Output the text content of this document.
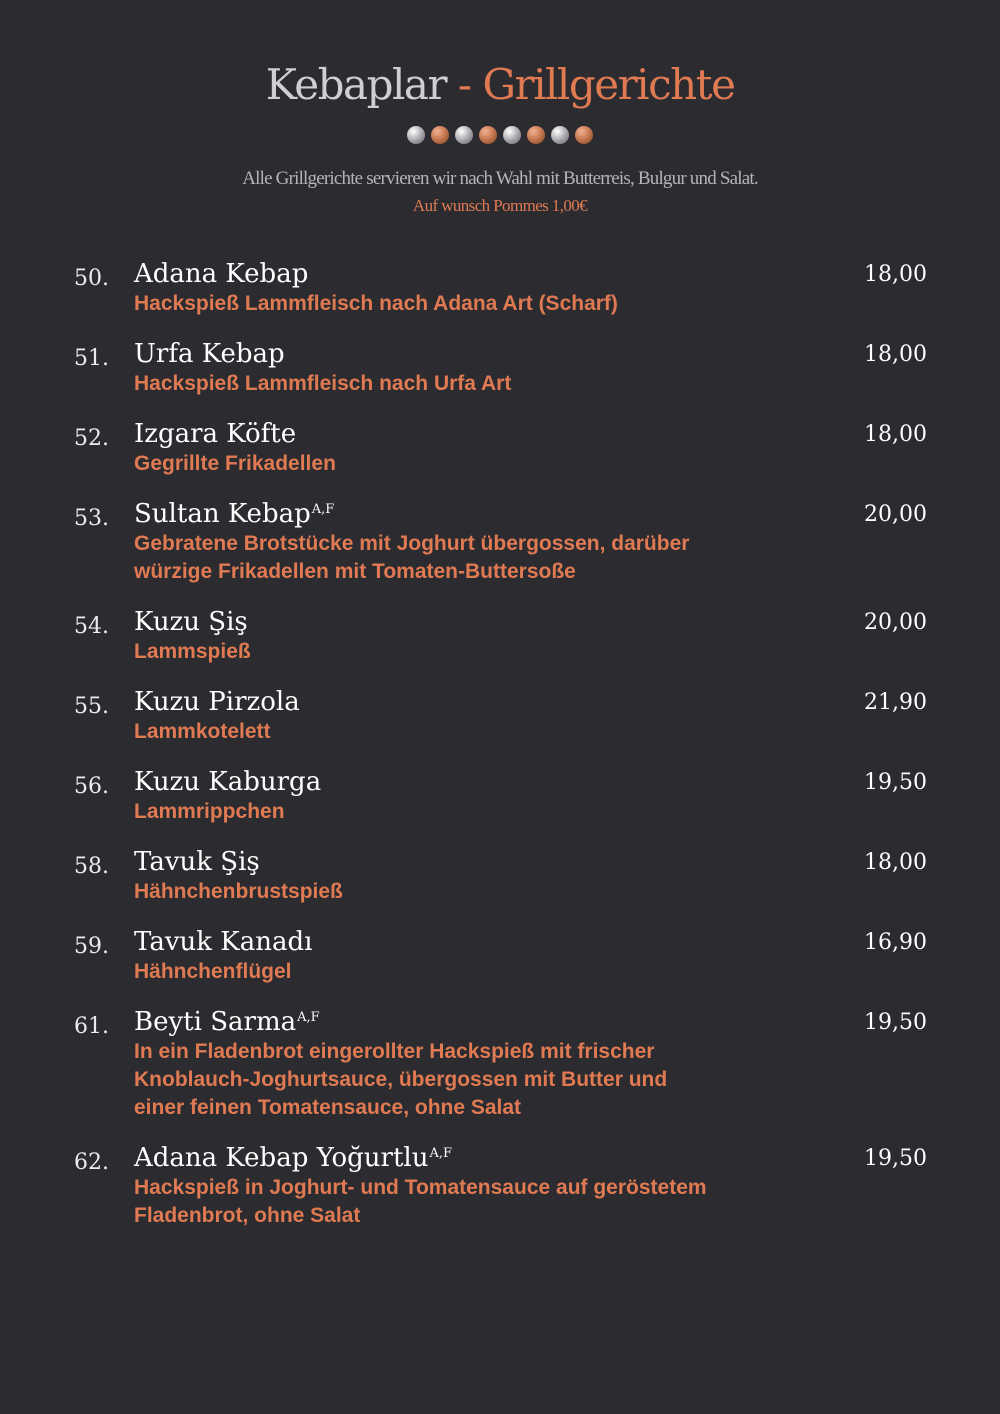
Kebaplar - Grillgerichte
Alle Grillgerichte servieren wir nach Wahl mit Butterreis, Bulgur und Salat.
Auf wunsch Pommes 1,00€
50. Adana Kebap	18,00
Hackspieß Lammfleisch nach Adana Art (Scharf)
51. Urfa Kebap	18,00
Hackspieß Lammfleisch nach Urfa Art
52. Izgara Köfte	18,00
Gegrillte Frikadellen
53. Sultan Kebap$^{A,F}$	20,00
Gebratene Brotstücke mit Joghurt übergossen, darüber
würzige Frikadellen mit Tomaten-Buttersoße
54. Kuzu Şiş	20,00
Lammspieß
55. Kuzu Pirzola	21,90
Lammkotelett
56. Kuzu Kaburga	19,50
Lammrippchen
58. Tavuk Şiş	18,00
Hähnchenbrustspieß
59. Tavuk Kanadı	16,90
Hähnchenflügel
61. Beyti Sarma$^{A,F}$	19,50
In ein Fladenbrot eingerollter Hackspieß mit frischer
Knoblauch-Joghurtsauce, übergossen mit Butter und
einer feinen Tomatensauce, ohne Salat
62. Adana Kebap Yoğurtlu$^{A,F}$	19,50
Hackspieß in Joghurt- und Tomatensauce auf geröstetem
Fladenbrot, ohne Salat
